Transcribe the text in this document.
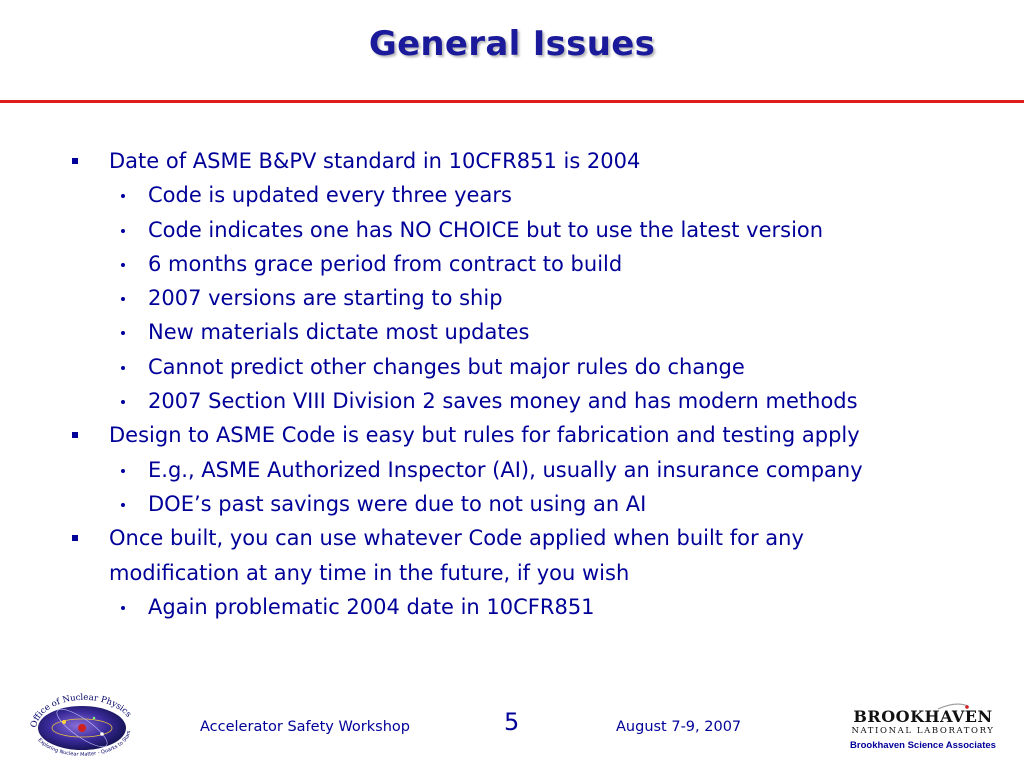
General Issues
Date of ASME B&PV standard in 10CFR851 is 2004
Code is updated every three years
Code indicates one has NO CHOICE but to use the latest version
6 months grace period from contract to build
2007 versions are starting to ship
New materials dictate most updates
Cannot predict other changes but major rules do change
2007 Section VIII Division 2 saves money and has modern methods
Design to ASME Code is easy but rules for fabrication and testing apply
E.g., ASME Authorized Inspector (AI), usually an insurance company
DOE’s past savings were due to not using an AI
Once built, you can use whatever Code applied when built for any
modification at any time in the future, if you wish
Again problematic 2004 date in 10CFR851
Office of Nuclear Physics
Exploring Nuclear Matter - Quarks to Stars	Accelerator Safety Workshop	5	August 7-9, 2007
BROOKHAVEN
NATIONAL LABORATORY
Brookhaven Science Associates
